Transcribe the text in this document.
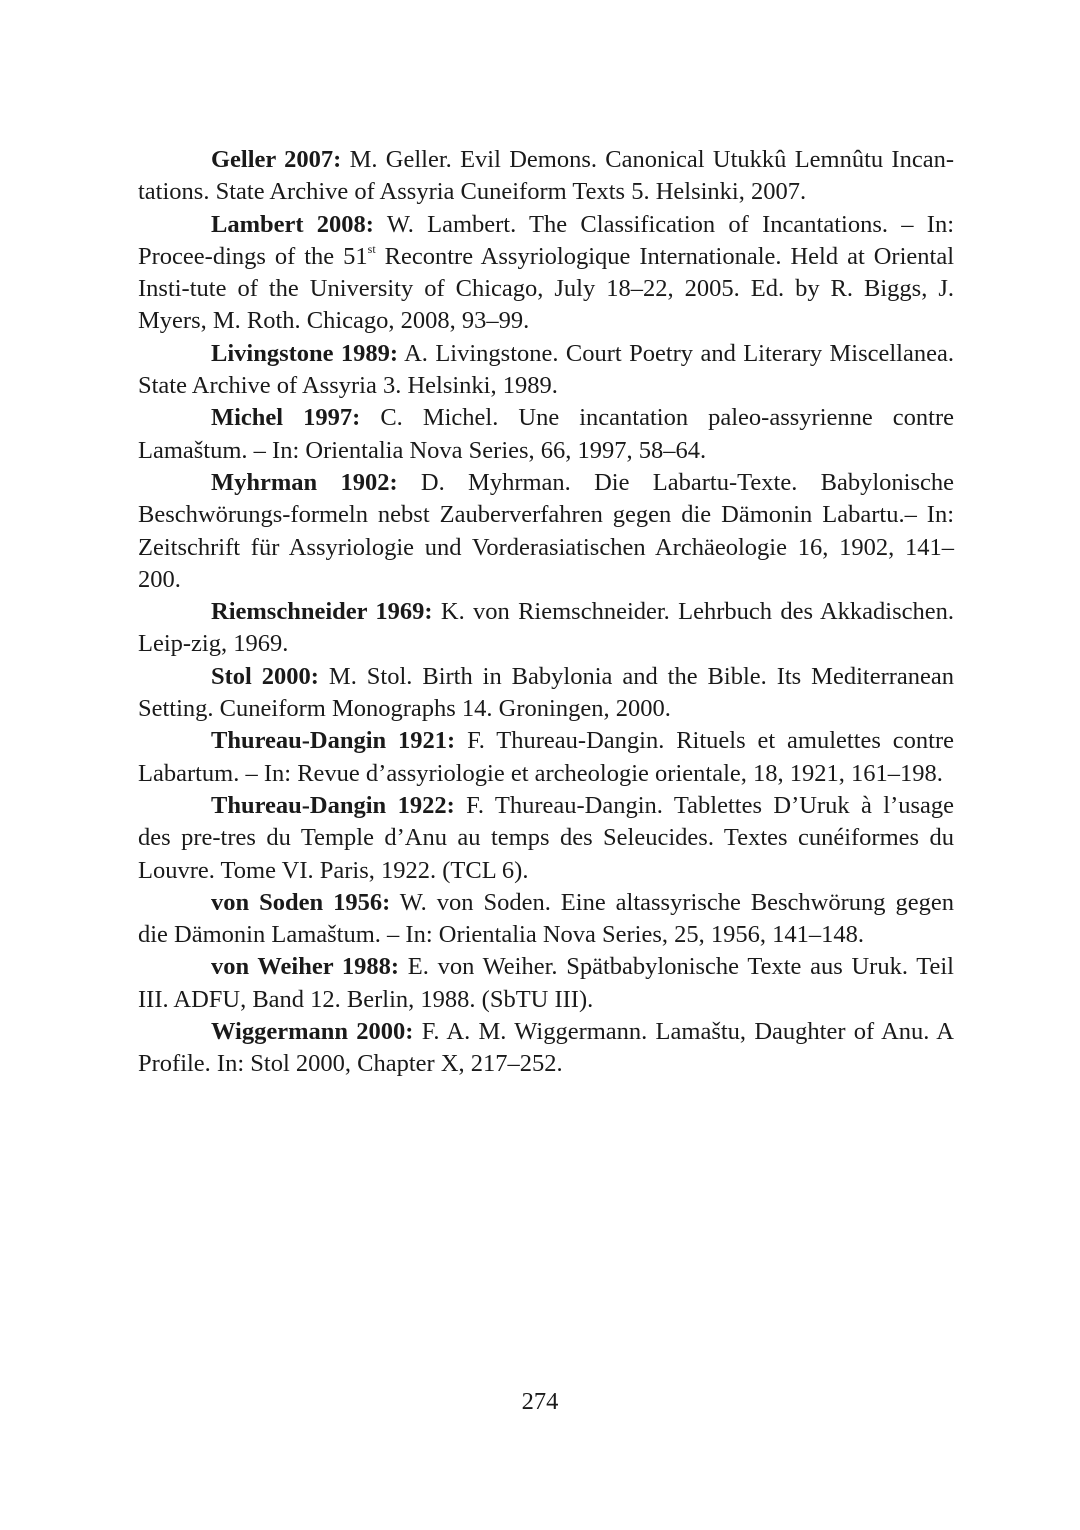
Geller 2007: M. Geller. Evil Demons. Canonical Utukkû Lemnûtu Incan-tations. State Archive of Assyria Cuneiform Texts 5. Helsinki, 2007.

Lambert 2008: W. Lambert. The Classification of Incantations. – In: Procee-dings of the 51st Recontre Assyriologique Internationale. Held at Oriental Insti-tute of the University of Chicago, July 18–22, 2005. Ed. by R. Biggs, J. Myers, M. Roth. Chicago, 2008, 93–99.

Livingstone 1989: A. Livingstone. Court Poetry and Literary Miscellanea. State Archive of Assyria 3. Helsinki, 1989.

Michel 1997: C. Michel. Une incantation paleo-assyrienne contre Lamaštum. – In: Orientalia Nova Series, 66, 1997, 58–64.

Myhrman 1902: D. Myhrman. Die Labartu-Texte. Babylonische Beschwörungs-formeln nebst Zauberverfahren gegen die Dämonin Labartu.– In: Zeitschrift für Assyriologie und Vorderasiatischen Archäeologie 16, 1902, 141–200.

Riemschneider 1969: K. von Riemschneider. Lehrbuch des Akkadischen. Leip-zig, 1969.

Stol 2000: M. Stol. Birth in Babylonia and the Bible. Its Mediterranean Setting. Cuneiform Monographs 14. Groningen, 2000.

Thureau-Dangin 1921: F. Thureau-Dangin. Rituels et amulettes contre Labartum. – In: Revue d’assyriologie et archeologie orientale, 18, 1921, 161–198.

Thureau-Dangin 1922: F. Thureau-Dangin. Tablettes D’Uruk à l’usage des pre-tres du Temple d’Anu au temps des Seleucides. Textes cunéiformes du Louvre. Tome VI. Paris, 1922. (TCL 6).

von Soden 1956: W. von Soden. Eine altassyrische Beschwörung gegen die Dämonin Lamaštum. – In: Orientalia Nova Series, 25, 1956, 141–148.

von Weiher 1988: E. von Weiher. Spätbabylonische Texte aus Uruk. Teil III. ADFU, Band 12. Berlin, 1988. (SbTU III).

Wiggermann 2000: F. A. M. Wiggermann. Lamaštu, Daughter of Anu. A Profile. In: Stol 2000, Chapter X, 217–252.

274
